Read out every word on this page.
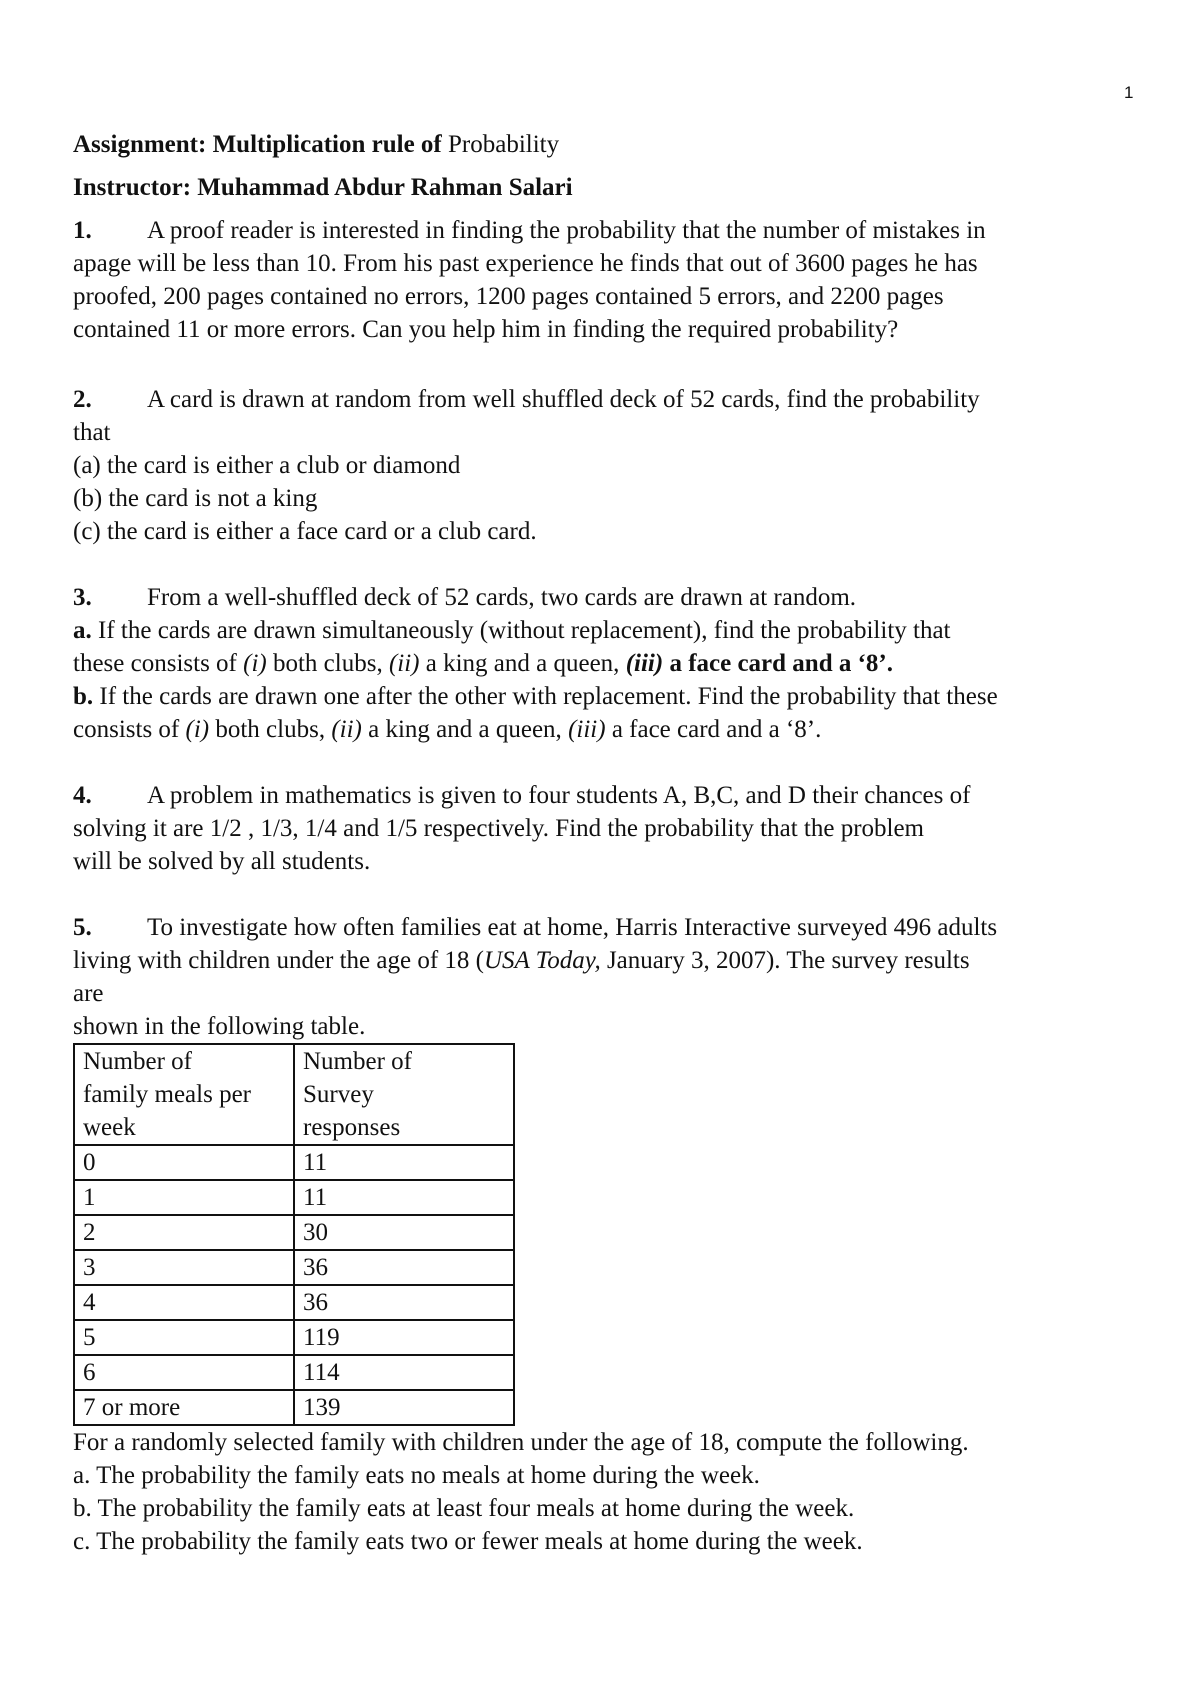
1
Assignment: Multiplication rule of Probability
Instructor: Muhammad Abdur Rahman Salari
1. A proof reader is interested in finding the probability that the number of mistakes in
apage will be less than 10. From his past experience he finds that out of 3600 pages he has
proofed, 200 pages contained no errors, 1200 pages contained 5 errors, and 2200 pages
contained 11 or more errors. Can you help him in finding the required probability?
2. A card is drawn at random from well shuffled deck of 52 cards, find the probability
that
(a) the card is either a club or diamond
(b) the card is not a king
(c) the card is either a face card or a club card.
3. From a well-shuffled deck of 52 cards, two cards are drawn at random.
a. If the cards are drawn simultaneously (without replacement), find the probability that
these consists of (i) both clubs, (ii) a king and a queen, (iii) a face card and a ‘8’.
b. If the cards are drawn one after the other with replacement. Find the probability that these
consists of (i) both clubs, (ii) a king and a queen, (iii) a face card and a ‘8’.
4. A problem in mathematics is given to four students A, B,C, and D their chances of
solving it are 1/2 , 1/3, 1/4 and 1/5 respectively. Find the probability that the problem
will be solved by all students.
5. To investigate how often families eat at home, Harris Interactive surveyed 496 adults
living with children under the age of 18 (USA Today, January 3, 2007). The survey results
are
shown in the following table.
Number of
family meals per
week	Number of
Survey
responses

0	11
1	11
2	30
3	36
4	36
5	119
6	114
7 or more	139
For a randomly selected family with children under the age of 18, compute the following.
a. The probability the family eats no meals at home during the week.
b. The probability the family eats at least four meals at home during the week.
c. The probability the family eats two or fewer meals at home during the week.
